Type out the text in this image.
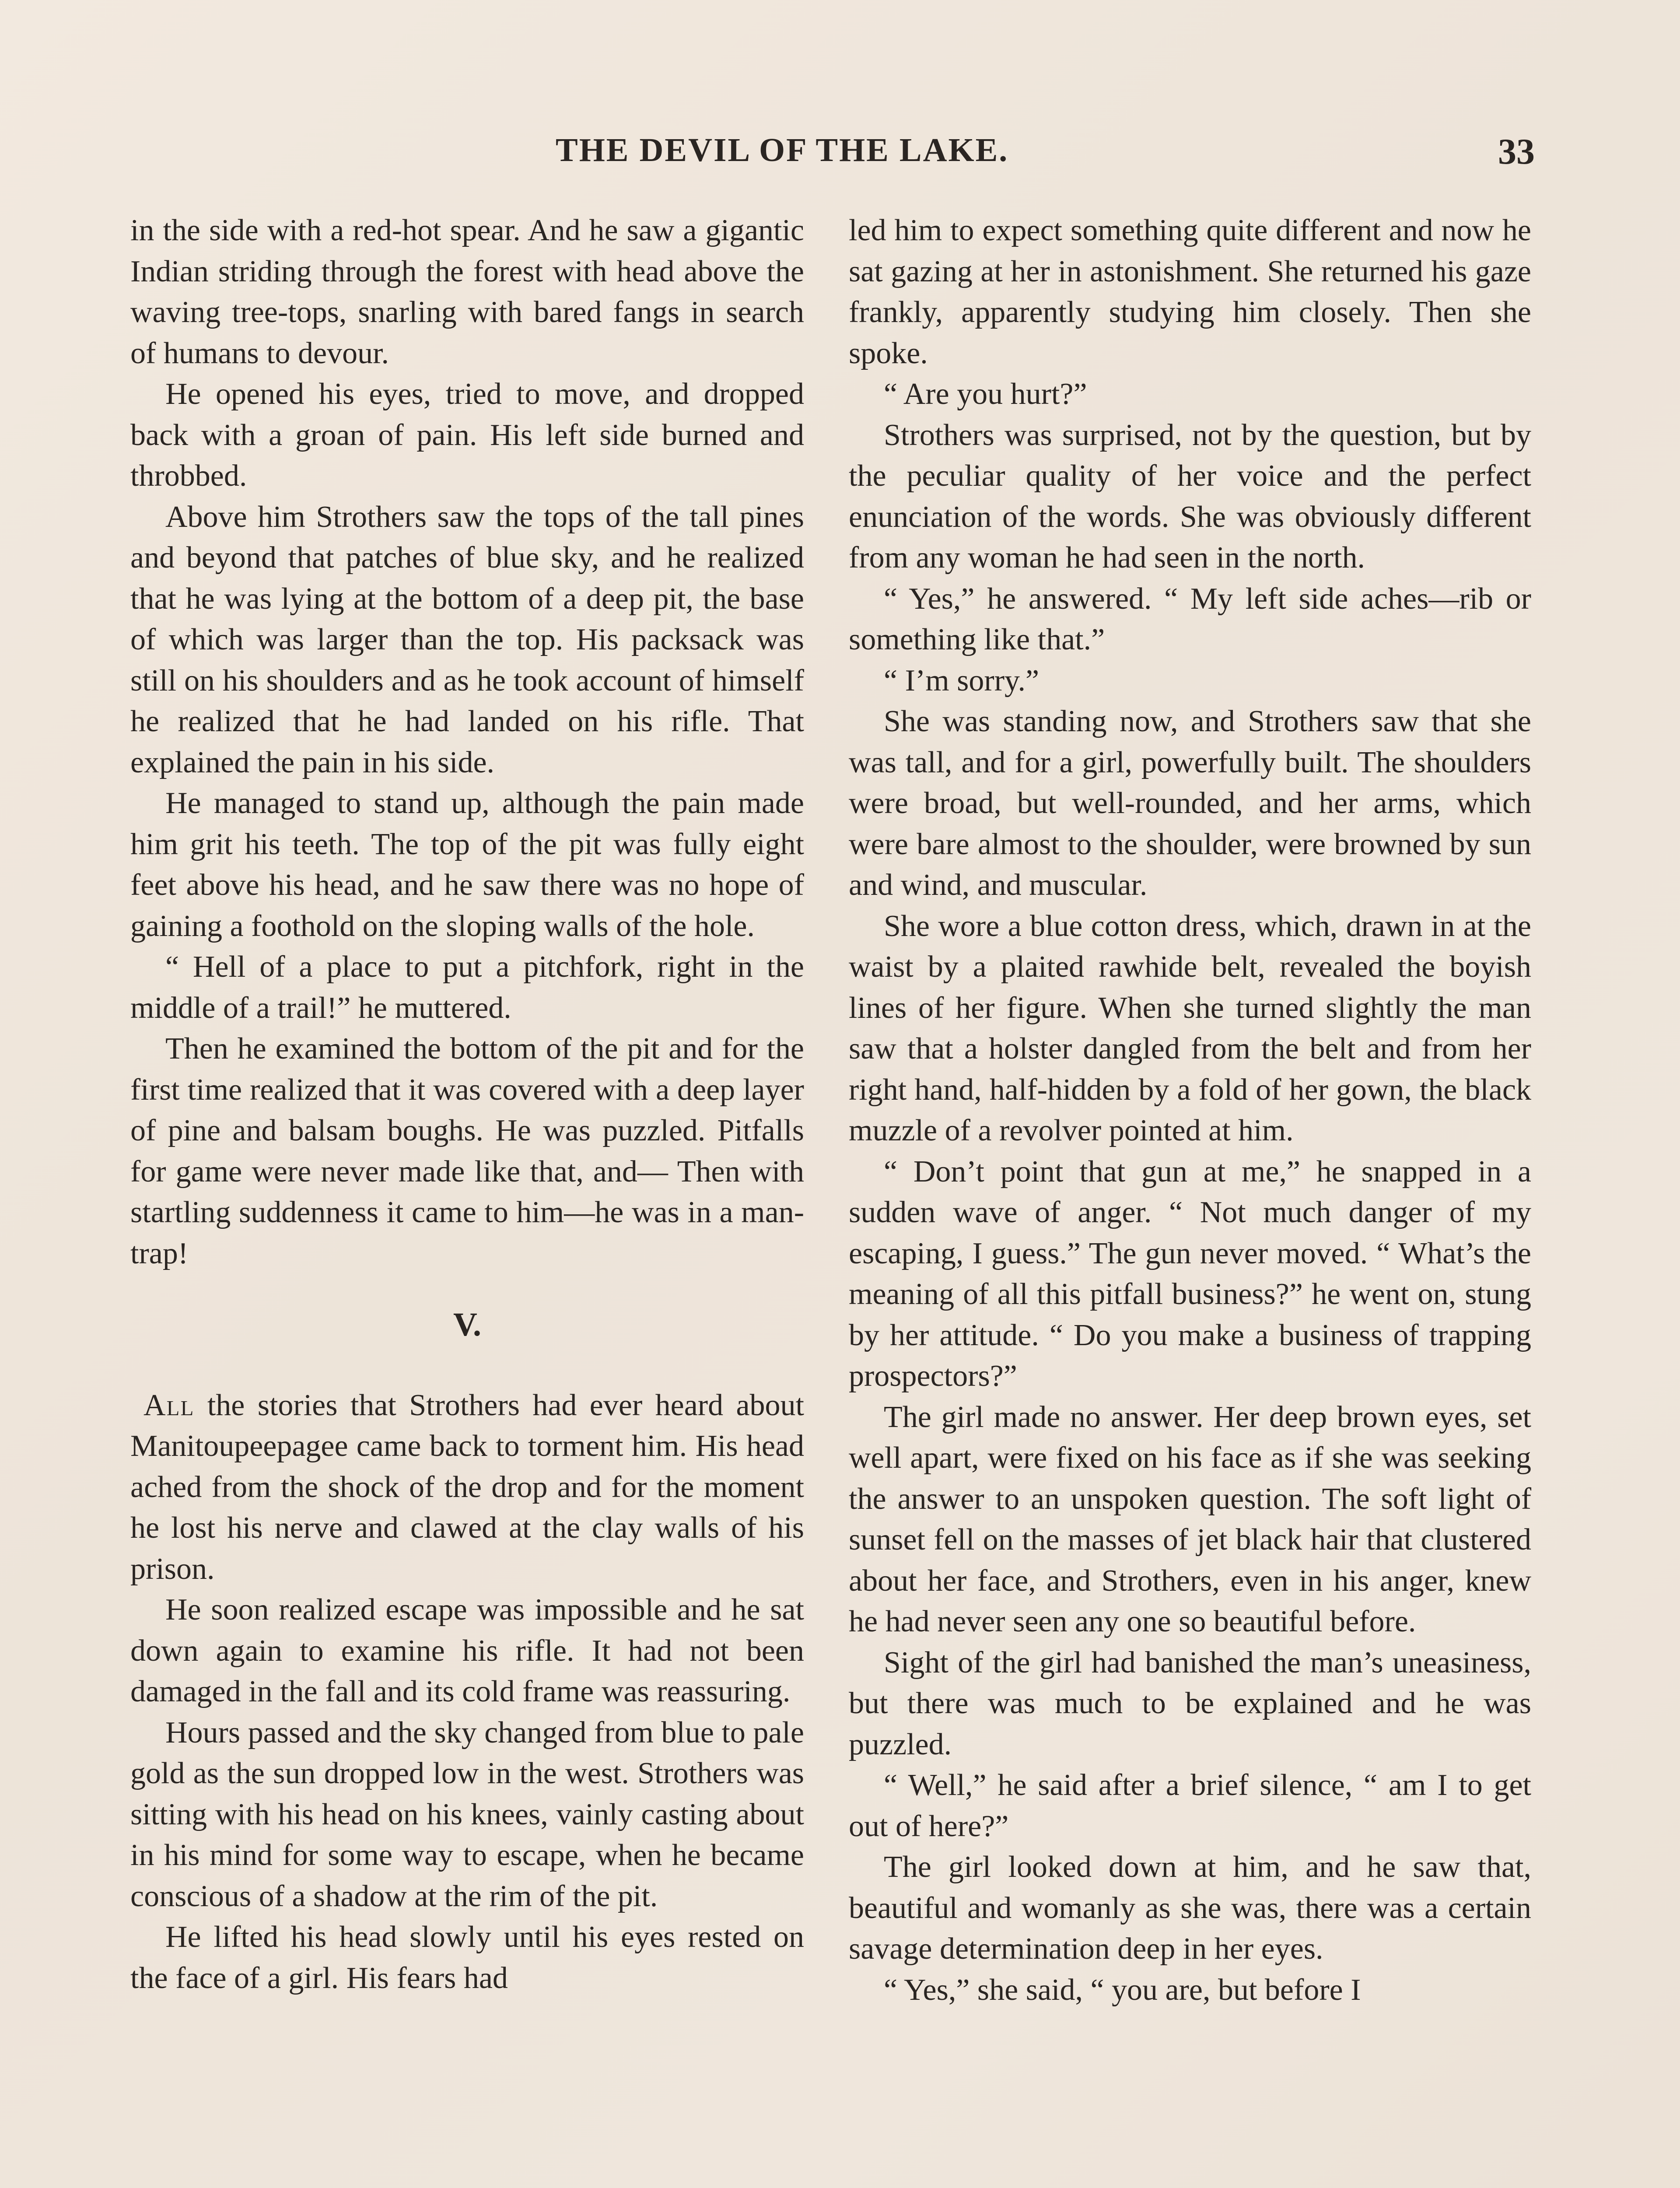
THE DEVIL OF THE LAKE.	33

in the side with a red-hot spear. And he saw a gigantic Indian striding through the forest with head above the waving tree-tops, snarling with bared fangs in search of humans to devour.

He opened his eyes, tried to move, and dropped back with a groan of pain. His left side burned and throbbed.

Above him Strothers saw the tops of the tall pines and beyond that patches of blue sky, and he realized that he was lying at the bottom of a deep pit, the base of which was larger than the top. His packsack was still on his shoulders and as he took account of himself he realized that he had landed on his rifle. That explained the pain in his side.

He managed to stand up, although the pain made him grit his teeth. The top of the pit was fully eight feet above his head, and he saw there was no hope of gaining a foothold on the sloping walls of the hole.

“ Hell of a place to put a pitchfork, right in the middle of a trail!” he muttered.

Then he examined the bottom of the pit and for the first time realized that it was covered with a deep layer of pine and balsam boughs. He was puzzled. Pitfalls for game were never made like that, and— Then with startling suddenness it came to him—he was in a man-trap!

V.

All the stories that Strothers had ever heard about Manitoupeepagee came back to torment him. His head ached from the shock of the drop and for the moment he lost his nerve and clawed at the clay walls of his prison.

He soon realized escape was impossible and he sat down again to examine his rifle. It had not been damaged in the fall and its cold frame was reassuring.

Hours passed and the sky changed from blue to pale gold as the sun dropped low in the west. Strothers was sitting with his head on his knees, vainly casting about in his mind for some way to escape, when he became conscious of a shadow at the rim of the pit.

He lifted his head slowly until his eyes rested on the face of a girl. His fears had

led him to expect something quite different and now he sat gazing at her in astonishment. She returned his gaze frankly, apparently studying him closely. Then she spoke.

“ Are you hurt?”

Strothers was surprised, not by the question, but by the peculiar quality of her voice and the perfect enunciation of the words. She was obviously different from any woman he had seen in the north.

“ Yes,” he answered. “ My left side aches—rib or something like that.”

“ I’m sorry.”

She was standing now, and Strothers saw that she was tall, and for a girl, powerfully built. The shoulders were broad, but well-rounded, and her arms, which were bare almost to the shoulder, were browned by sun and wind, and muscular.

She wore a blue cotton dress, which, drawn in at the waist by a plaited rawhide belt, revealed the boyish lines of her figure. When she turned slightly the man saw that a holster dangled from the belt and from her right hand, half-hidden by a fold of her gown, the black muzzle of a revolver pointed at him.

“ Don’t point that gun at me,” he snapped in a sudden wave of anger. “ Not much danger of my escaping, I guess.” The gun never moved. “ What’s the meaning of all this pitfall business?” he went on, stung by her attitude. “ Do you make a business of trapping prospectors?”

The girl made no answer. Her deep brown eyes, set well apart, were fixed on his face as if she was seeking the answer to an unspoken question. The soft light of sunset fell on the masses of jet black hair that clustered about her face, and Strothers, even in his anger, knew he had never seen any one so beautiful before.

Sight of the girl had banished the man’s uneasiness, but there was much to be explained and he was puzzled.

“ Well,” he said after a brief silence, “ am I to get out of here?”

The girl looked down at him, and he saw that, beautiful and womanly as she was, there was a certain savage determination deep in her eyes.

“ Yes,” she said, “ you are, but before I
